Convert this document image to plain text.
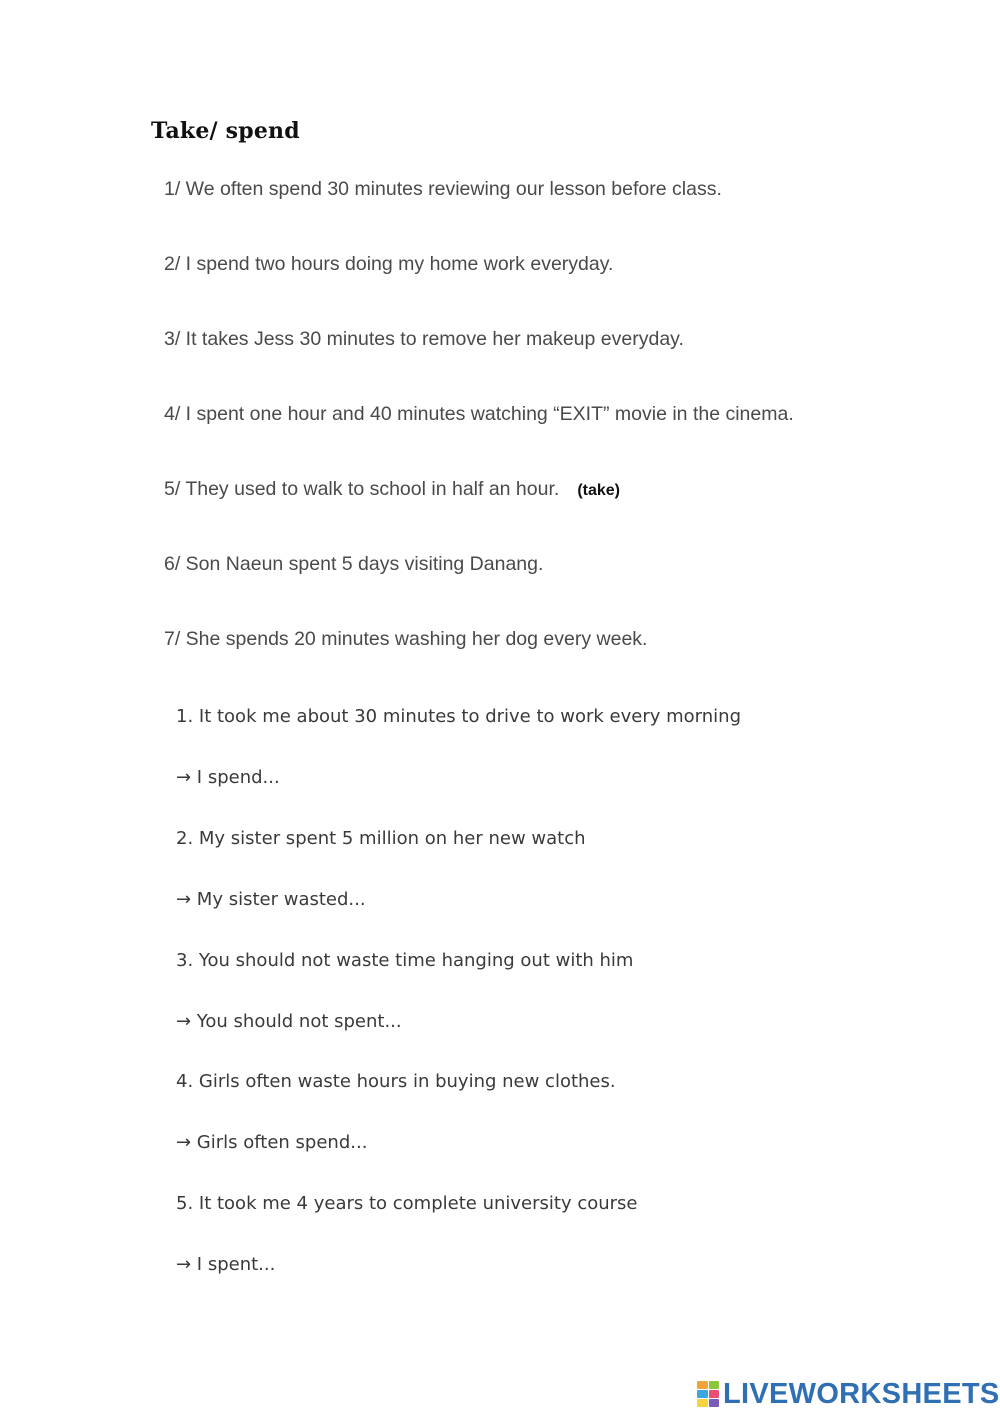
Take/ spend
1/ We often spend 30 minutes reviewing our lesson before class.
2/ I spend two hours doing my home work everyday.
3/ It takes Jess 30 minutes to remove her makeup everyday.
4/ I spent one hour and 40 minutes watching “EXIT” movie in the cinema.
5/ They used to walk to school in half an hour. (take)
6/ Son Naeun spent 5 days visiting Danang.
7/ She spends 20 minutes washing her dog every week.
1. It took me about 30 minutes to drive to work every morning
→ I spend...
2. My sister spent 5 million on her new watch
→ My sister wasted...
3. You should not waste time hanging out with him
→ You should not spent...
4. Girls often waste hours in buying new clothes.
→ Girls often spend...
5. It took me 4 years to complete university course
→ I spent...
LIVEWORKSHEETS
